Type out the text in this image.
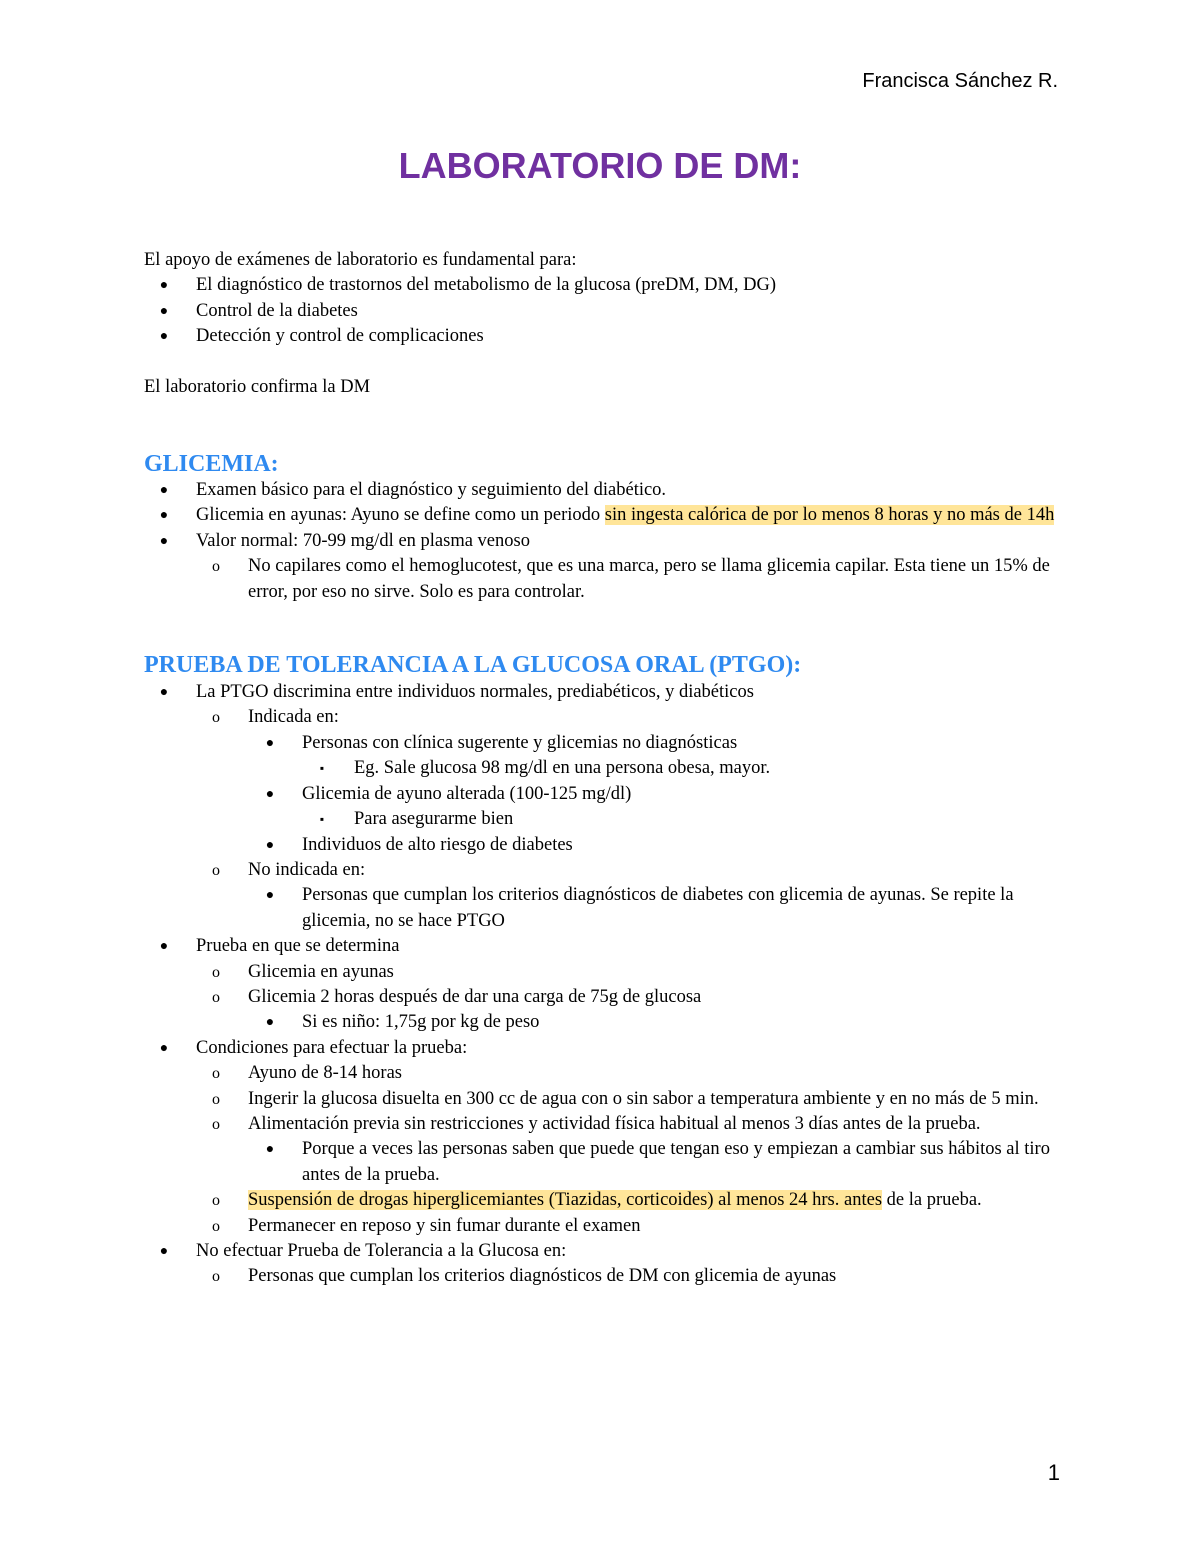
Francisca Sánchez R.
LABORATORIO DE DM:

El apoyo de exámenes de laboratorio es fundamental para:

●	El diagnóstico de trastornos del metabolismo de la glucosa (preDM, DM, DG)
●	Control de la diabetes
●	Detección y control de complicaciones

El laboratorio confirma la DM

GLICEMIA:
●	Examen básico para el diagnóstico y seguimiento del diabético.
●	Glicemia en ayunas: Ayuno se define como un periodo sin ingesta calórica de por lo menos 8 horas y no más de 14h
●	Valor normal: 70-99 mg/dl en plasma venoso
o	No capilares como el hemoglucotest, que es una marca, pero se llama glicemia capilar. Esta tiene un 15% de error, por eso no sirve. Solo es para controlar.
PRUEBA DE TOLERANCIA A LA GLUCOSA ORAL (PTGO):
●	La PTGO discrimina entre individuos normales, prediabéticos, y diabéticos
o	Indicada en:
●	Personas con clínica sugerente y glicemias no diagnósticas
▪	Eg. Sale glucosa 98 mg/dl en una persona obesa, mayor.
●	Glicemia de ayuno alterada (100-125 mg/dl)
▪	Para asegurarme bien
●	Individuos de alto riesgo de diabetes
o	No indicada en:
●	Personas que cumplan los criterios diagnósticos de diabetes con glicemia de ayunas. Se repite la glicemia, no se hace PTGO
●	Prueba en que se determina
o	Glicemia en ayunas
o	Glicemia 2 horas después de dar una carga de 75g de glucosa
●	Si es niño: 1,75g por kg de peso
●	Condiciones para efectuar la prueba:
o	Ayuno de 8-14 horas
o	Ingerir la glucosa disuelta en 300 cc de agua con o sin sabor a temperatura ambiente y en no más de 5 min.
o	Alimentación previa sin restricciones y actividad física habitual al menos 3 días antes de la prueba.
●	Porque a veces las personas saben que puede que tengan eso y empiezan a cambiar sus hábitos al tiro antes de la prueba.
o	Suspensión de drogas hiperglicemiantes (Tiazidas, corticoides) al menos 24 hrs. antes de la prueba.
o	Permanecer en reposo y sin fumar durante el examen
●	No efectuar Prueba de Tolerancia a la Glucosa en:
o	Personas que cumplan los criterios diagnósticos de DM con glicemia de ayunas
1
